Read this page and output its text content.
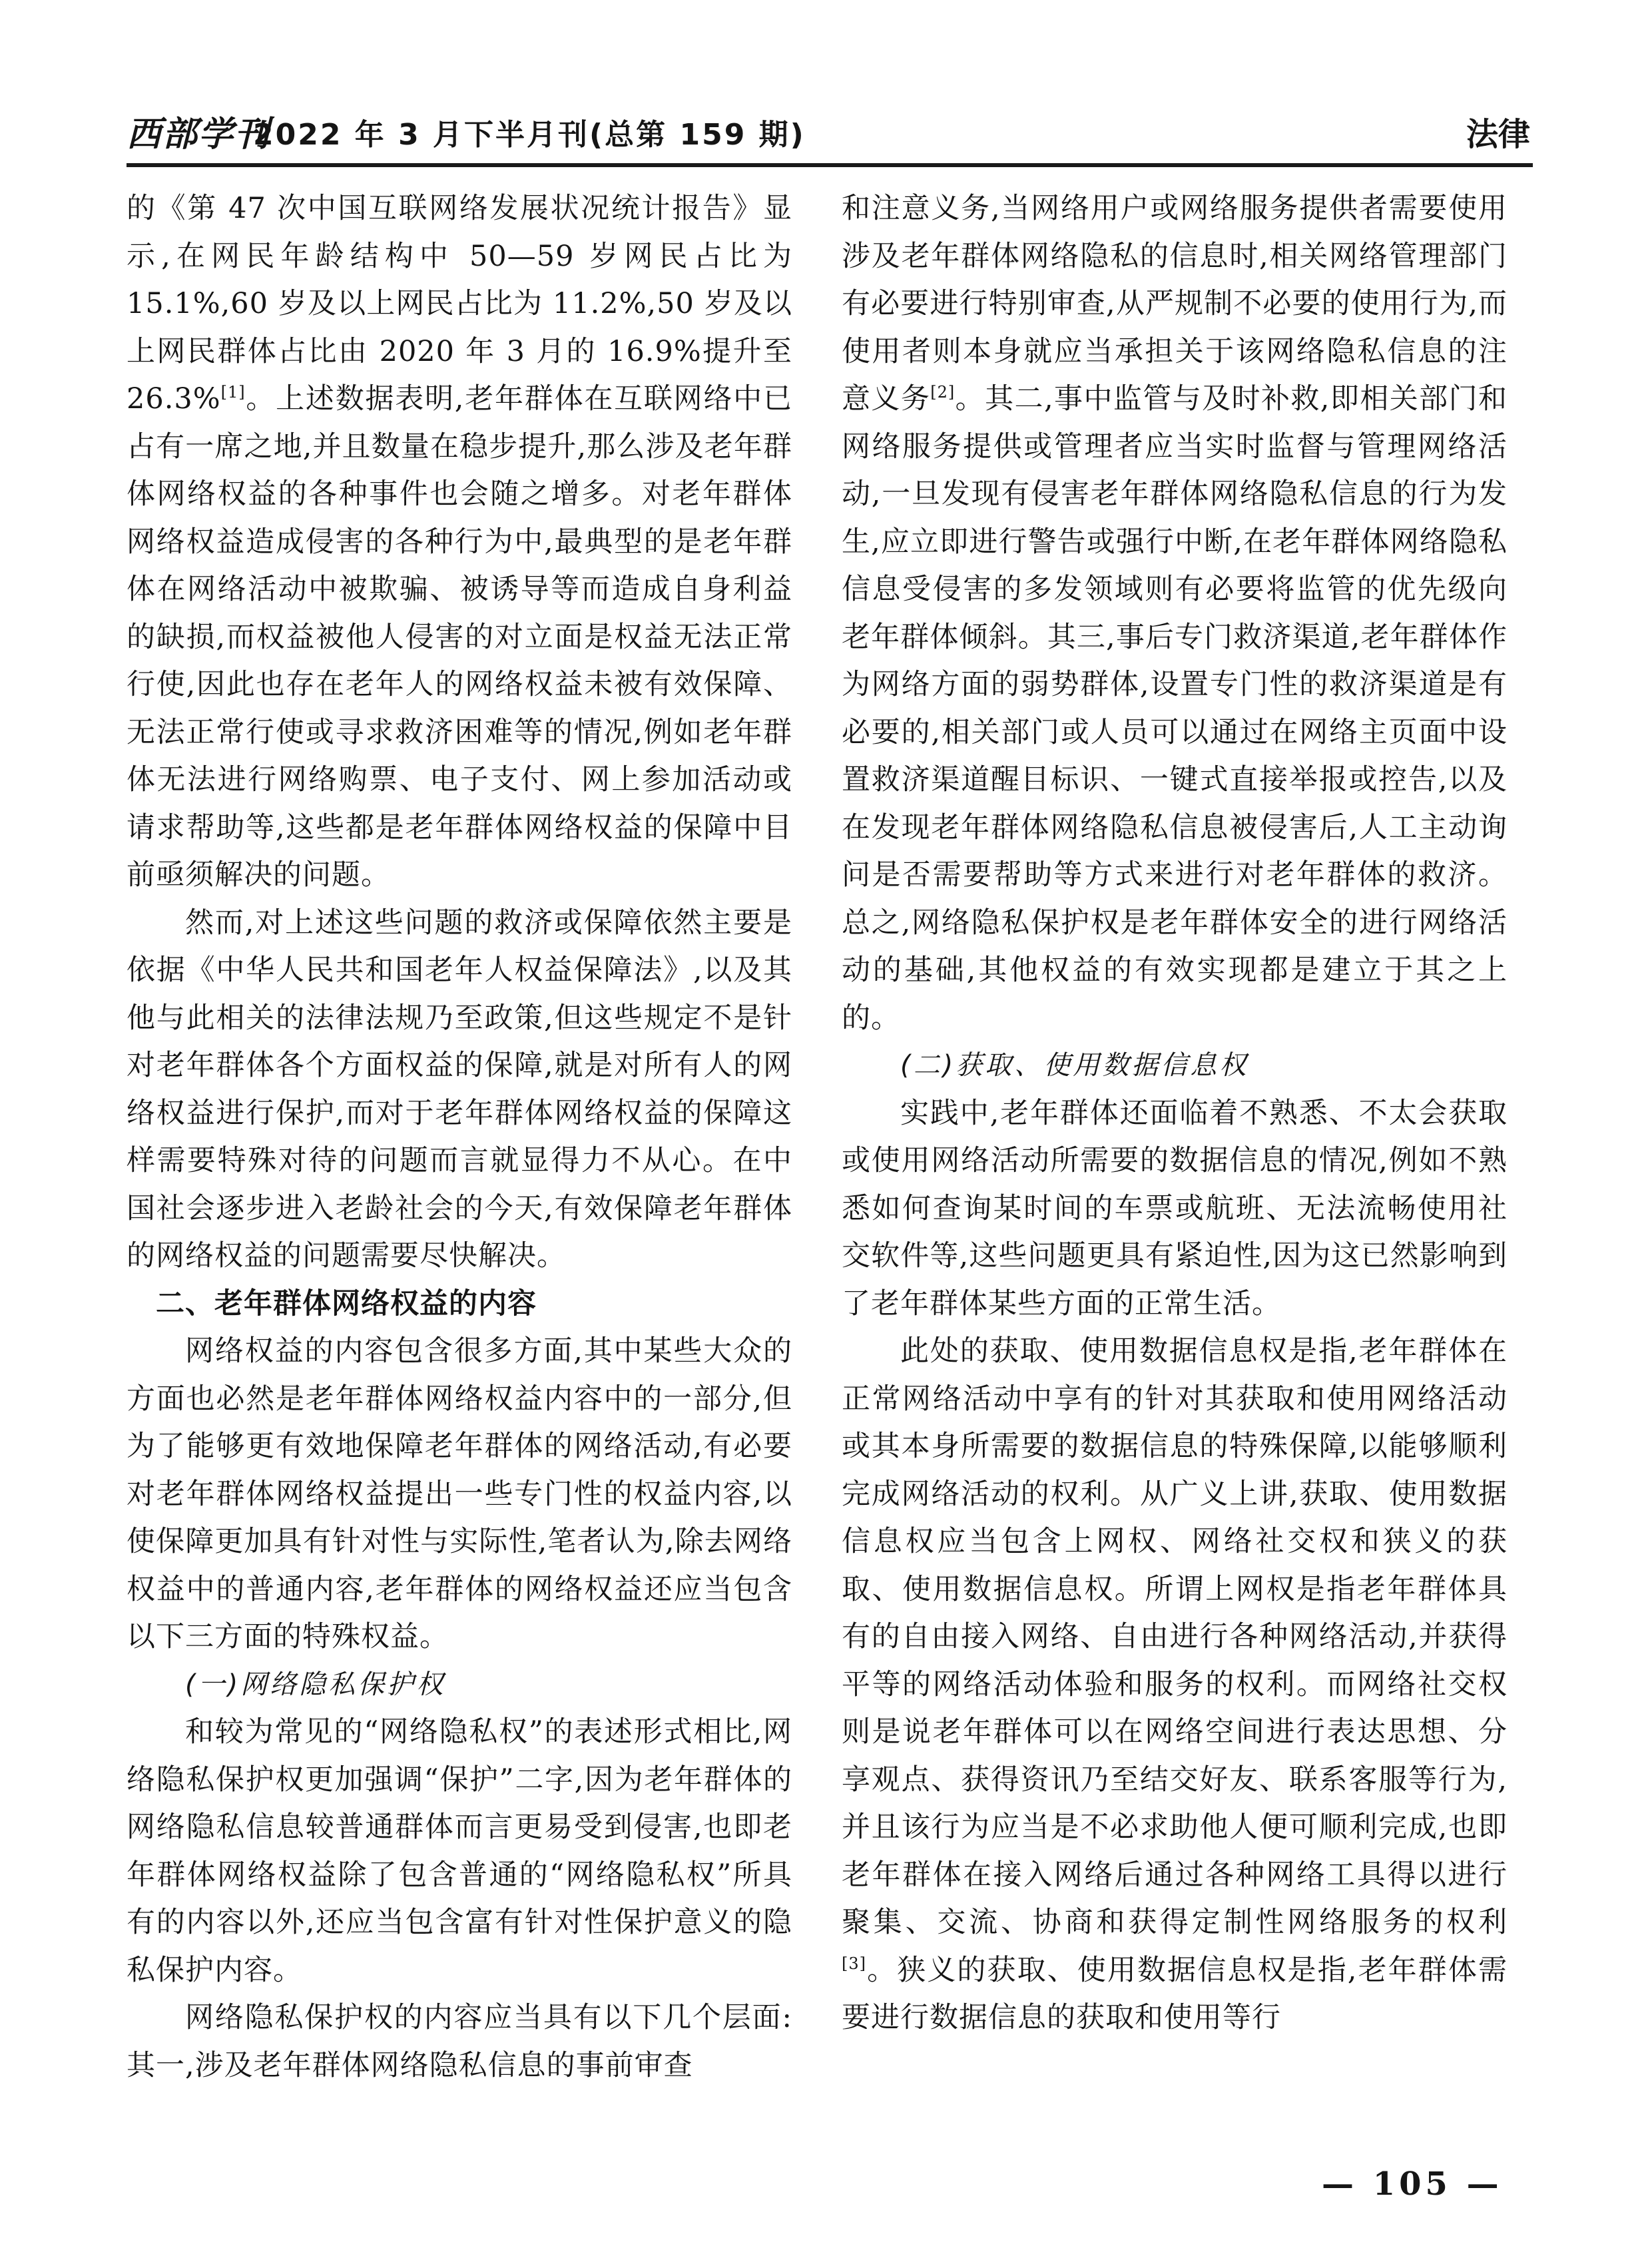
西部学刊
2022 年 3 月下半月刊(总第 159 期)	法律

的《第 47 次中国互联网络发展状况统计报告》显示,在网民年龄结构中 50—59 岁网民占比为 15.1%,60 岁及以上网民占比为 11.2%,50 岁及以上网民群体占比由 2020 年 3 月的 16.9%提升至 26.3%[1]。上述数据表明,老年群体在互联网络中已占有一席之地,并且数量在稳步提升,那么涉及老年群体网络权益的各种事件也会随之增多。对老年群体网络权益造成侵害的各种行为中,最典型的是老年群体在网络活动中被欺骗、被诱导等而造成自身利益的缺损,而权益被他人侵害的对立面是权益无法正常行使,因此也存在老年人的网络权益未被有效保障、无法正常行使或寻求救济困难等的情况,例如老年群体无法进行网络购票、电子支付、网上参加活动或请求帮助等,这些都是老年群体网络权益的保障中目前亟须解决的问题。

然而,对上述这些问题的救济或保障依然主要是依据《中华人民共和国老年人权益保障法》,以及其他与此相关的法律法规乃至政策,但这些规定不是针对老年群体各个方面权益的保障,就是对所有人的网络权益进行保护,而对于老年群体网络权益的保障这样需要特殊对待的问题而言就显得力不从心。在中国社会逐步进入老龄社会的今天,有效保障老年群体的网络权益的问题需要尽快解决。

二、老年群体网络权益的内容

网络权益的内容包含很多方面,其中某些大众的方面也必然是老年群体网络权益内容中的一部分,但为了能够更有效地保障老年群体的网络活动,有必要对老年群体网络权益提出一些专门性的权益内容,以使保障更加具有针对性与实际性,笔者认为,除去网络权益中的普通内容,老年群体的网络权益还应当包含以下三方面的特殊权益。

(一)网络隐私保护权

和较为常见的“网络隐私权”的表述形式相比,网络隐私保护权更加强调“保护”二字,因为老年群体的网络隐私信息较普通群体而言更易受到侵害,也即老年群体网络权益除了包含普通的“网络隐私权”所具有的内容以外,还应当包含富有针对性保护意义的隐私保护内容。

网络隐私保护权的内容应当具有以下几个层面:其一,涉及老年群体网络隐私信息的事前审查

和注意义务,当网络用户或网络服务提供者需要使用涉及老年群体网络隐私的信息时,相关网络管理部门有必要进行特别审查,从严规制不必要的使用行为,而使用者则本身就应当承担关于该网络隐私信息的注意义务[2]。其二,事中监管与及时补救,即相关部门和网络服务提供或管理者应当实时监督与管理网络活动,一旦发现有侵害老年群体网络隐私信息的行为发生,应立即进行警告或强行中断,在老年群体网络隐私信息受侵害的多发领域则有必要将监管的优先级向老年群体倾斜。其三,事后专门救济渠道,老年群体作为网络方面的弱势群体,设置专门性的救济渠道是有必要的,相关部门或人员可以通过在网络主页面中设置救济渠道醒目标识、一键式直接举报或控告,以及在发现老年群体网络隐私信息被侵害后,人工主动询问是否需要帮助等方式来进行对老年群体的救济。总之,网络隐私保护权是老年群体安全的进行网络活动的基础,其他权益的有效实现都是建立于其之上的。

(二)获取、使用数据信息权

实践中,老年群体还面临着不熟悉、不太会获取或使用网络活动所需要的数据信息的情况,例如不熟悉如何查询某时间的车票或航班、无法流畅使用社交软件等,这些问题更具有紧迫性,因为这已然影响到了老年群体某些方面的正常生活。

此处的获取、使用数据信息权是指,老年群体在正常网络活动中享有的针对其获取和使用网络活动或其本身所需要的数据信息的特殊保障,以能够顺利完成网络活动的权利。从广义上讲,获取、使用数据信息权应当包含上网权、网络社交权和狭义的获取、使用数据信息权。所谓上网权是指老年群体具有的自由接入网络、自由进行各种网络活动,并获得平等的网络活动体验和服务的权利。而网络社交权则是说老年群体可以在网络空间进行表达思想、分享观点、获得资讯乃至结交好友、联系客服等行为,并且该行为应当是不必求助他人便可顺利完成,也即老年群体在接入网络后通过各种网络工具得以进行聚集、交流、协商和获得定制性网络服务的权利[3]。狭义的获取、使用数据信息权是指,老年群体需要进行数据信息的获取和使用等行

— 105 —
